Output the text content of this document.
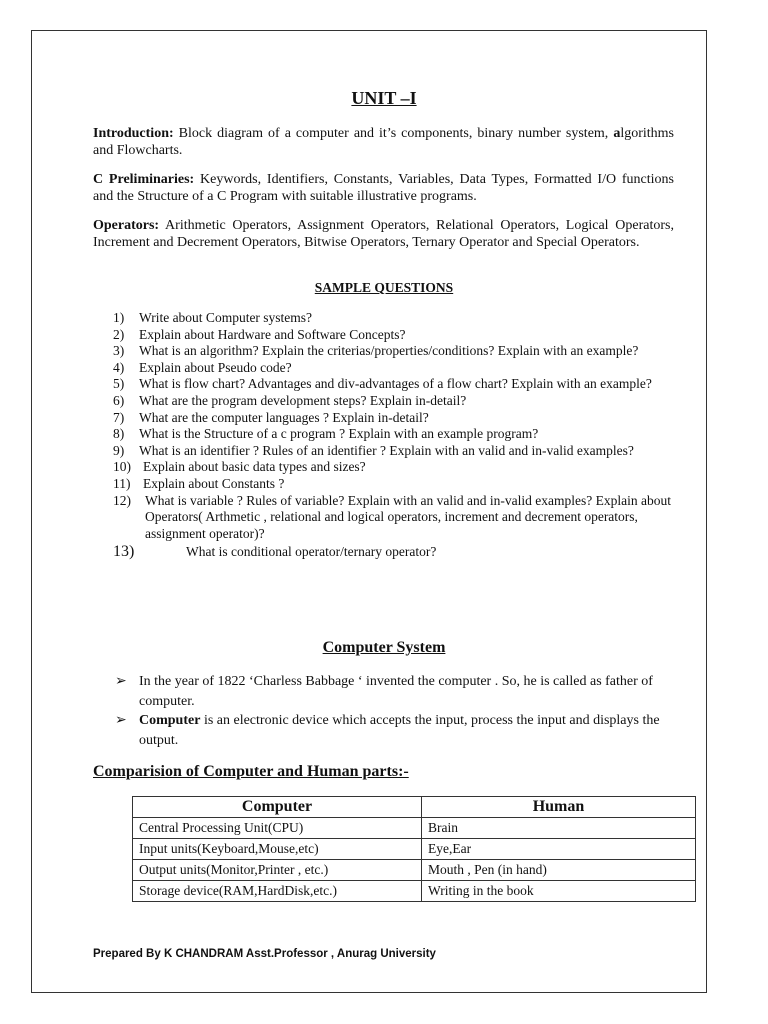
UNIT –I
Introduction: Block diagram of a computer and it’s components, binary number system, algorithms and Flowcharts.
C Preliminaries: Keywords, Identifiers, Constants, Variables, Data Types, Formatted I/O functions and the Structure of a C Program with suitable illustrative programs.
Operators: Arithmetic Operators, Assignment Operators, Relational Operators, Logical Operators, Increment and Decrement Operators, Bitwise Operators, Ternary Operator and Special Operators.
SAMPLE QUESTIONS
1)	Write about Computer systems?
2)	Explain about Hardware and Software Concepts?
3)	What is an algorithm? Explain the criterias/properties/conditions? Explain with an example?
4)	Explain about Pseudo code?
5)	What is flow chart? Advantages and div-advantages of a flow chart? Explain with an example?
6)	What are the program development steps? Explain in-detail?
7)	What are the computer languages ? Explain in-detail?
8)	What is the Structure of a c program ? Explain with an example program?
9)	What is an identifier ? Rules of an identifier ? Explain with an valid and in-valid examples?
10) Explain about basic data types and sizes?
11) Explain about Constants ?
12)	What is variable ? Rules of variable? Explain with an valid and in-valid examples? Explain about Operators( Arthmetic , relational and logical operators, increment and decrement operators, assignment operator)?
13)	What is conditional operator/ternary operator?
Computer System
➢ In the year of 1822 ‘Charless Babbage ‘ invented the computer . So, he is called as father of computer.
➢ Computer is an electronic device which accepts the input, process the input and displays the output.
Comparision of Computer and Human parts:-
Computer	Human
Central Processing Unit(CPU)	Brain
Input units(Keyboard,Mouse,etc)	Eye,Ear
Output units(Monitor,Printer , etc.)	Mouth , Pen (in hand)
Storage device(RAM,HardDisk,etc.)	Writing in the book
Prepared By K CHANDRAM Asst.Professor , Anurag University
